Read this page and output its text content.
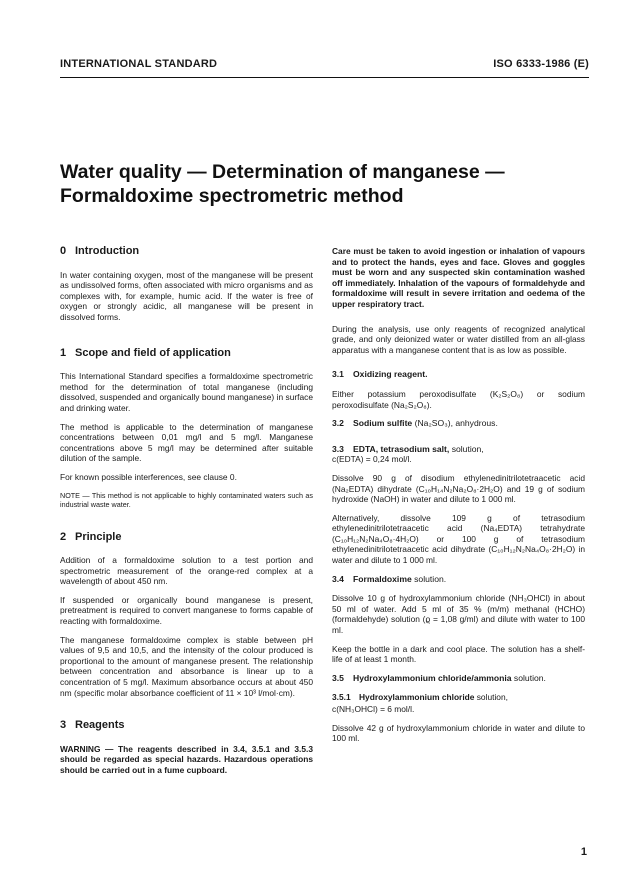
INTERNATIONAL STANDARD	ISO 6333-1986 (E)
Water quality — Determination of manganese —
Formaldoxime spectrometric method
0 Introduction

In water containing oxygen, most of the manganese will be present as undissolved forms, often associated with micro organisms and as complexes with, for example, humic acid. If the water is free of oxygen or strongly acidic, all manganese will be present in dissolved forms.

1 Scope and field of application

This International Standard specifies a formaldoxime spectrometric method for the determination of total manganese (including dissolved, suspended and organically bound manganese) in surface and drinking water.

The method is applicable to the determination of manganese concentrations between 0,01 mg/l and 5 mg/l. Manganese concentrations above 5 mg/l may be determined after suitable dilution of the sample.

For known possible interferences, see clause 0.

NOTE — This method is not applicable to highly contaminated waters such as industrial waste water.

2 Principle

Addition of a formaldoxime solution to a test portion and spectrometric measurement of the orange-red complex at a wavelength of about 450 nm.

If suspended or organically bound manganese is present, pretreatment is required to convert manganese to forms capable of reacting with formaldoxime.

The manganese formaldoxime complex is stable between pH values of 9,5 and 10,5, and the intensity of the colour produced is proportional to the amount of manganese present. The relationship between concentration and absorbance is linear up to a concentration of 5 mg/l. Maximum absorbance occurs at about 450 nm (specific molar absorbance coefficient of 11 × 10³ l/mol·cm).

3 Reagents

WARNING — The reagents described in 3.4, 3.5.1 and 3.5.3 should be regarded as special hazards. Hazardous operations should be carried out in a fume cupboard.

Care must be taken to avoid ingestion or inhalation of vapours and to protect the hands, eyes and face. Gloves and goggles must be worn and any suspected skin contamination washed off immediately. Inhalation of the vapours of formaldehyde and formaldoxime will result in severe irritation and oedema of the upper respiratory tract.

During the analysis, use only reagents of recognized analytical grade, and only deionized water or water distilled from an all-glass apparatus with a manganese content that is as low as possible.

3.1 Oxidizing reagent.

Either potassium peroxodisulfate (K₂S₂O₈) or sodium peroxodisulfate (Na₂S₂O₈).

3.2 Sodium sulfite (Na₂SO₃), anhydrous.
3.3 EDTA, tetrasodium salt, solution,

c(EDTA) = 0,24 mol/l.

Dissolve 90 g of disodium ethylenedinitrilotetraacetic acid (Na₂EDTA) dihydrate (C₁₀H₁₄N₂Na₂O₈·2H₂O) and 19 g of sodium hydroxide (NaOH) in water and dilute to 1 000 ml.

Alternatively, dissolve 109 g of tetrasodium ethylenedinitrilotetraacetic acid (Na₄EDTA) tetrahydrate (C₁₀H₁₂N₂Na₄O₈·4H₂O) or 100 g of tetrasodium ethylenedinitrilotetraacetic acid dihydrate (C₁₀H₁₂N₂Na₄O₈·2H₂O) in water and dilute to 1 000 ml.

3.4 Formaldoxime solution.

Dissolve 10 g of hydroxylammonium chloride (NH₃OHCl) in about 50 ml of water. Add 5 ml of 35 % (m/m) methanal (HCHO) (formaldehyde) solution (ϱ = 1,08 g/ml) and dilute with water to 100 ml.

Keep the bottle in a dark and cool place. The solution has a shelf-life of at least 1 month.

3.5 Hydroxylammonium chloride/ammonia solution.
3.5.1 Hydroxylammonium chloride solution,

c(NH₃OHCl) = 6 mol/l.

Dissolve 42 g of hydroxylammonium chloride in water and dilute to 100 ml.

1
